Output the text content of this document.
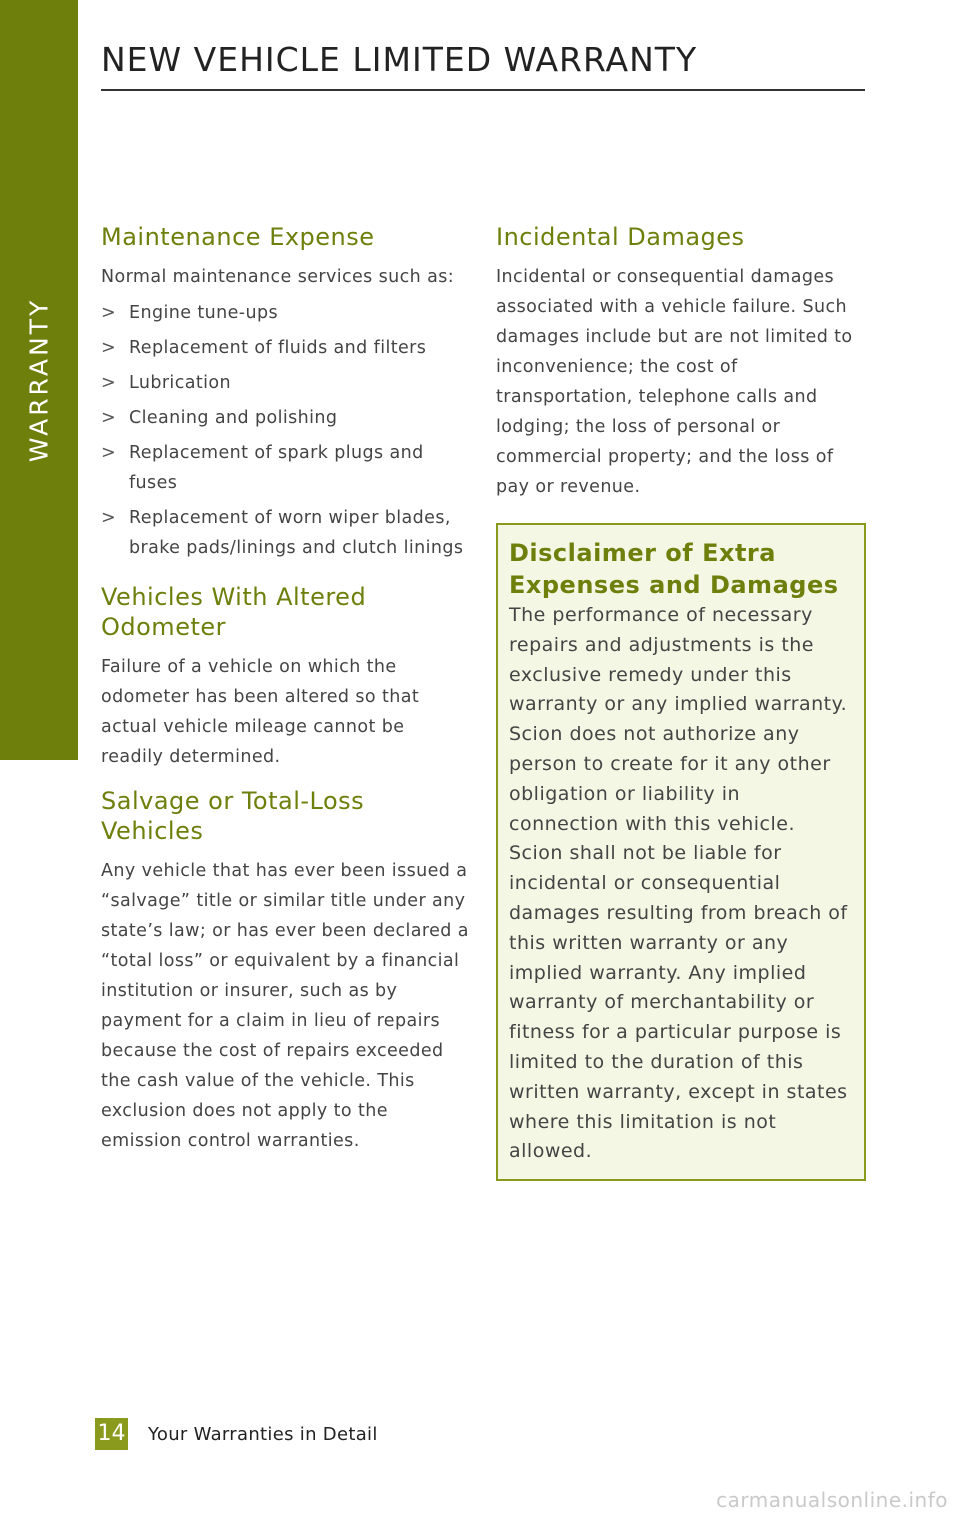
WARRANTY
NEW VEHICLE LIMITED WARRANTY
Maintenance Expense

Normal maintenance services such as:

> Engine tune-ups
> Replacement of fluids and filters
> Lubrication
> Cleaning and polishing
> Replacement of spark plugs and fuses
> Replacement of worn wiper blades, brake pads/linings and clutch linings
Vehicles With Altered Odometer

Failure of a vehicle on which the odometer has been altered so that actual vehicle mileage cannot be readily determined.

Salvage or Total-Loss Vehicles

Any vehicle that has ever been issued a “salvage” title or similar title under any state’s law; or has ever been declared a “total loss” or equivalent by a financial institution or insurer, such as by payment for a claim in lieu of repairs because the cost of repairs exceeded the cash value of the vehicle. This exclusion does not apply to the emission control warranties.

Incidental Damages

Incidental or consequential damages associated with a vehicle failure. Such damages include but are not limited to inconvenience; the cost of transportation, telephone calls and lodging; the loss of personal or commercial property; and the loss of pay or revenue.

Disclaimer of Extra Expenses and Damages

The performance of necessary repairs and adjustments is the exclusive remedy under this warranty or any implied warranty. Scion does not authorize any person to create for it any other obligation or liability in connection with this vehicle. Scion shall not be liable for incidental or consequential damages resulting from breach of this written warranty or any implied warranty. Any implied warranty of merchantability or fitness for a particular purpose is limited to the duration of this written warranty, except in states where this limitation is not allowed.

14 Your Warranties in Detail
carmanualsonline.info
